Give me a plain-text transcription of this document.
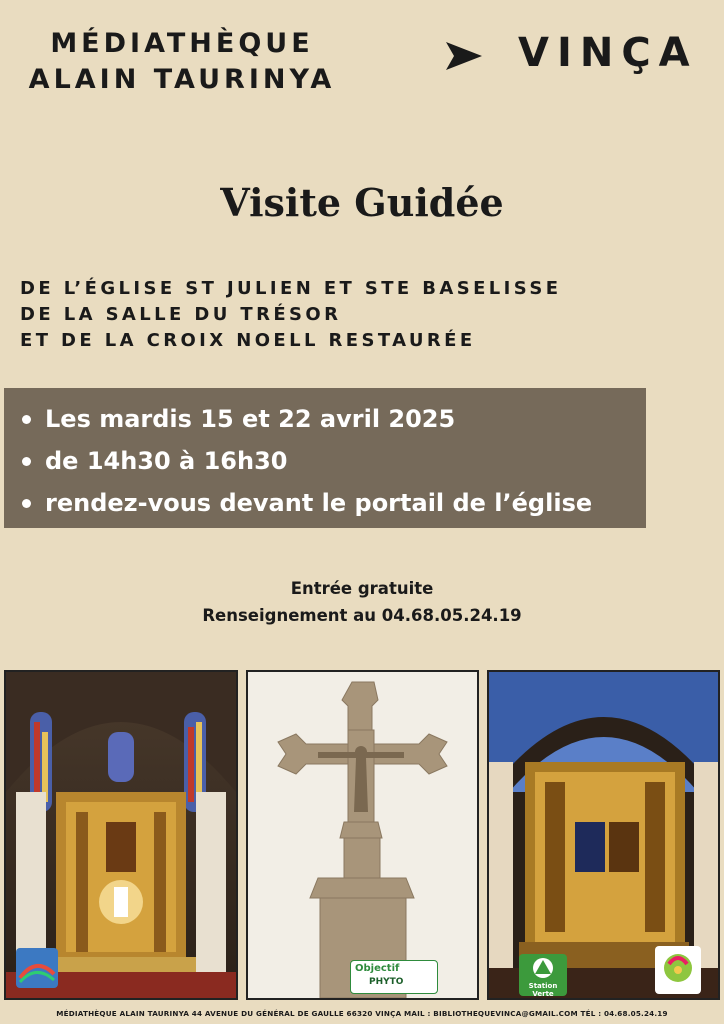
MÉDIATHÈQUE
ALAIN TAURINYA
VINÇA
Visite Guidée
DE L’ÉGLISE ST JULIEN ET STE BASELISSE
DE LA SALLE DU TRÉSOR
ET DE LA CROIX NOELL RESTAURÉE
Les mardis 15 et 22 avril 2025
de 14h30 à 16h30
rendez-vous devant le portail de l’église
Entrée gratuite
Renseignement au 04.68.05.24.19
Objectif
PHYTO	Station Verte
MÉDIATHÈQUE ALAIN TAURINYA 44 AVENUE DU GÉNÉRAL DE GAULLE 66320 VINÇA MAIL : BIBLIOTHEQUEVINCA@GMAIL.COM TÉL : 04.68.05.24.19
